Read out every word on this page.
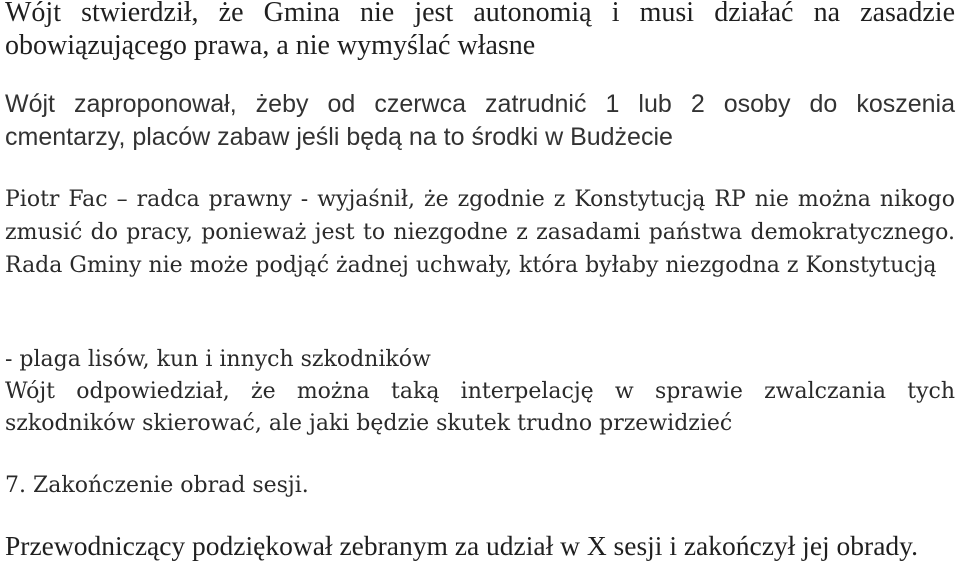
Wójt stwierdził, że Gmina nie jest autonomią i musi działać na zasadzie
obowiązującego prawa, a nie wymyślać własne
Wójt zaproponował, żeby od czerwca zatrudnić 1 lub 2 osoby do koszenia
cmentarzy, placów zabaw jeśli będą na to środki w Budżecie
Piotr Fac – radca prawny - wyjaśnił, że zgodnie z Konstytucją RP nie można nikogo
zmusić do pracy, ponieważ jest to niezgodne z zasadami państwa demokratycznego.
Rada Gminy nie może podjąć żadnej uchwały, która byłaby niezgodna z Konstytucją
- plaga lisów, kun i innych szkodników
Wójt odpowiedział, że można taką interpelację w sprawie zwalczania tych
szkodników skierować, ale jaki będzie skutek trudno przewidzieć
7. Zakończenie obrad sesji.
Przewodniczący podziękował zebranym za udział w X sesji i zakończył jej obrady.
